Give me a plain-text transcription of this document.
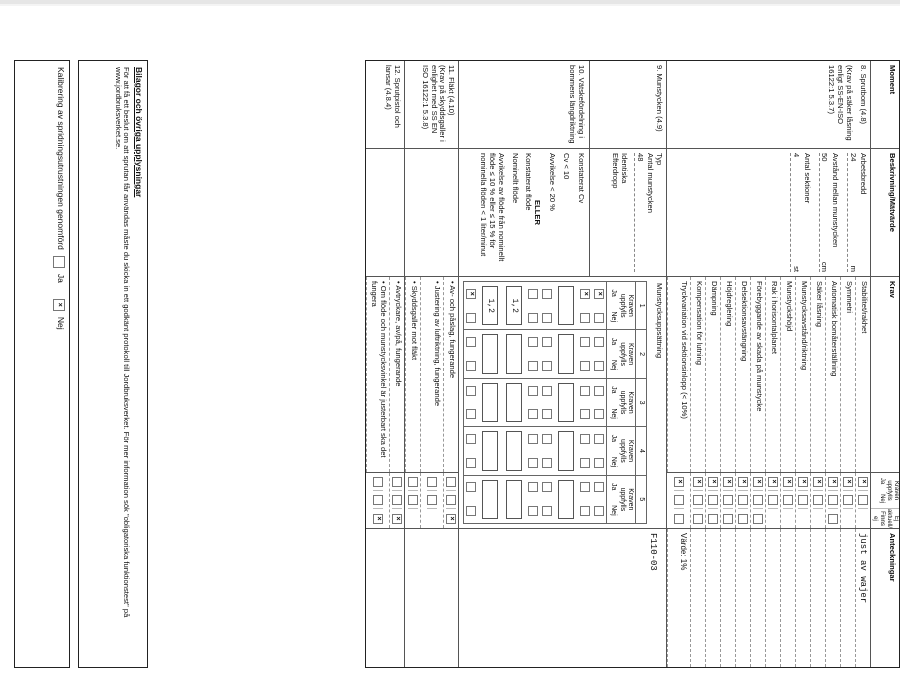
Moment
Beskrivning/Mätvärde
Krav
Kraven uppfylls
Ja
Nej
Ej aktuell/ Finns ej
Anteckningar
8. Sprutbom (4.8)
(Krav på säker låsning enligt SS-EN-ISO 16122:1 5.3.7)
Arbetsbredd
24
m
Avstånd mellan munstycken
50
cm
Antal sektioner
4
st
Stabilitet/rakhet
Symmetri
Automatisk bomåterställning
Säker låsning
Munstycksavstånd/riktning
Munstyckshöjd
Rak i horisontalplanet
Förebyggande av skada på munstycke
Delsektionsavstängning
Höjdreglering
Dämpning
Kompensation för lutning
Tryckvariation vid sektionsinlopp (< 10%)
×
×
×
×
×
×
×
×
×
×
×
×
×
just av wajer
Värde: 1%
9. Munstycken (4.9)
10. Vätskefördelning i bommens längdriktning
Typ
Antal munstycken
48
Identiska
Efterdropp
Konstaterat Cv
Cv < 10
Avvikelse < 20 %
ELLER
Konstaterat flöde
Nominellt flöde
Avvikelse av flöde från nominellt flöde ≤ 10 % eller ≤ 15 % för nominella flöden < 1 liter/minut
Munstycksuppsättning
1
2
3
4
5
Kraven uppfylls
Ja
Nej
Kraven uppfylls
Ja
Nej
Kraven uppfylls
Ja
Nej
Kraven uppfylls
Ja
Nej
Kraven uppfylls
Ja
Nej
×
×
1,2
1,2
×
F110-03
11. Fläkt (4.10)
(Krav på skyddsgaller i enlighet med SS EN ISO 16122:1 5.3.8)
• Av- och påslag, fungerande
• Justering av luftriktning, fungerande
• Skyddsgaller mot fläkt
×
12. Sprutpistol och lansar (4.8.4)
• Avtryckare, av/på, fungerande
• Om flöde och munstycksvinkel är justerbart ska det fungera
×
×
Bilagor och övriga upplysningar
För att få ett beslut om att sprutan får användas måste du skicka in ett godkänt protokoll till Jordbruksverket. För mer information sök "obligatoriska funktionstest" på www.jordbruksverket.se.
Kalibrering av spridningsutrustningen genomförd
Ja
×
Nej
